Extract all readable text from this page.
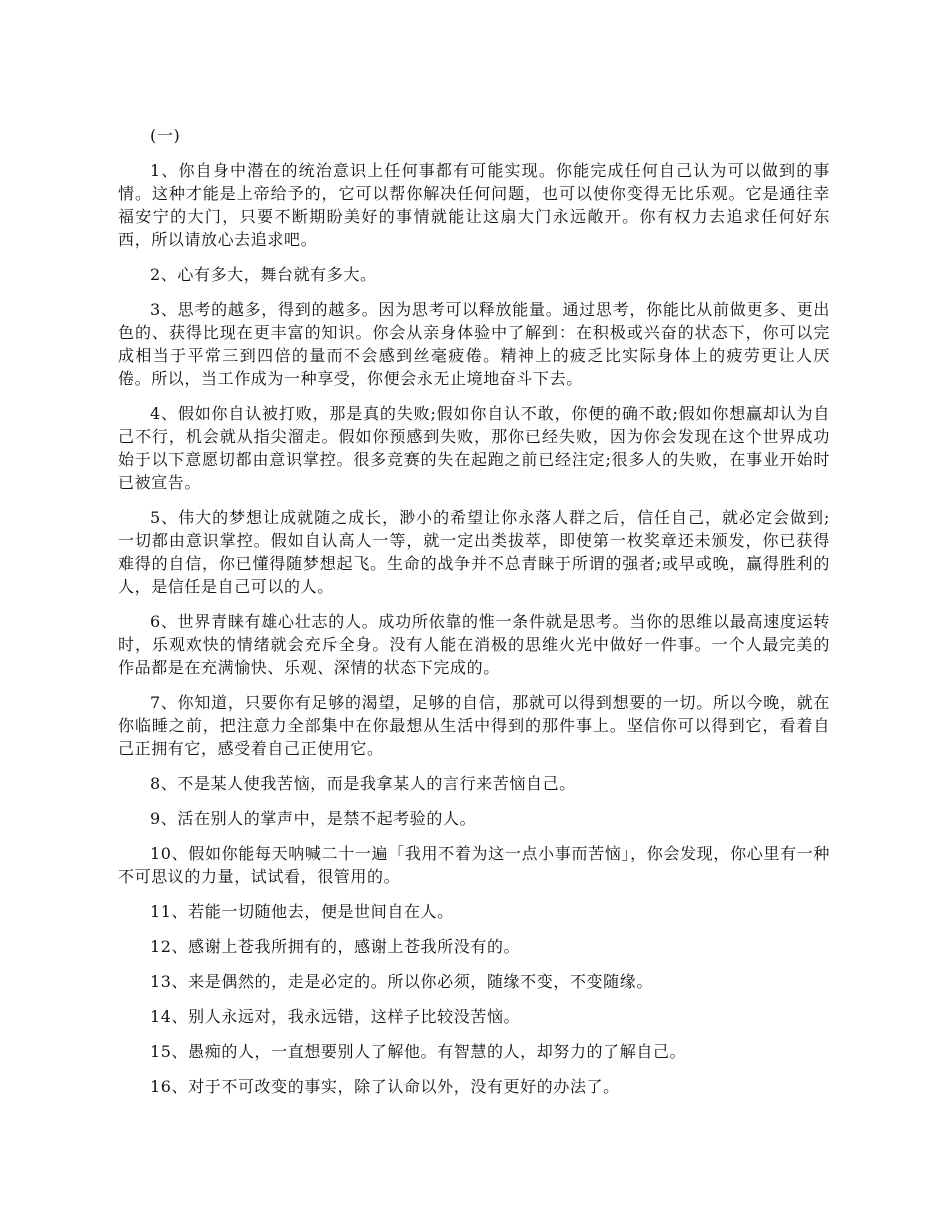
(一)

1、你自身中潜在的统治意识上任何事都有可能实现。你能完成任何自己认为可以做到的事情。这种才能是上帝给予的，它可以帮你解决任何问题，也可以使你变得无比乐观。它是通往幸福安宁的大门，只要不断期盼美好的事情就能让这扇大门永远敞开。你有权力去追求任何好东西，所以请放心去追求吧。

2、心有多大，舞台就有多大。

3、思考的越多，得到的越多。因为思考可以释放能量。通过思考，你能比从前做更多、更出色的、获得比现在更丰富的知识。你会从亲身体验中了解到：在积极或兴奋的状态下，你可以完成相当于平常三到四倍的量而不会感到丝毫疲倦。精神上的疲乏比实际身体上的疲劳更让人厌倦。所以，当工作成为一种享受，你便会永无止境地奋斗下去。

4、假如你自认被打败，那是真的失败;假如你自认不敢，你便的确不敢;假如你想赢却认为自己不行，机会就从指尖溜走。假如你预感到失败，那你已经失败，因为你会发现在这个世界成功始于以下意愿切都由意识掌控。很多竞赛的失在起跑之前已经注定;很多人的失败，在事业开始时已被宣告。

5、伟大的梦想让成就随之成长，渺小的希望让你永落人群之后，信任自己，就必定会做到;一切都由意识掌控。假如自认高人一等，就一定出类拔萃，即使第一枚奖章还未颁发，你已获得难得的自信，你已懂得随梦想起飞。生命的战争并不总青睐于所谓的强者;或早或晚，赢得胜利的人，是信任是自己可以的人。

6、世界青睐有雄心壮志的人。成功所依靠的惟一条件就是思考。当你的思维以最高速度运转时，乐观欢快的情绪就会充斥全身。没有人能在消极的思维火光中做好一件事。一个人最完美的作品都是在充满愉快、乐观、深情的状态下完成的。

7、你知道，只要你有足够的渴望，足够的自信，那就可以得到想要的一切。所以今晚，就在你临睡之前，把注意力全部集中在你最想从生活中得到的那件事上。坚信你可以得到它，看着自己正拥有它，感受着自己正使用它。

8、不是某人使我苦恼，而是我拿某人的言行来苦恼自己。

9、活在别人的掌声中，是禁不起考验的人。

10、假如你能每天呐喊二十一遍「我用不着为这一点小事而苦恼」，你会发现，你心里有一种不可思议的力量，试试看，很管用的。

11、若能一切随他去，便是世间自在人。

12、感谢上苍我所拥有的，感谢上苍我所没有的。

13、来是偶然的，走是必定的。所以你必须，随缘不变，不变随缘。

14、别人永远对，我永远错，这样子比较没苦恼。

15、愚痴的人，一直想要别人了解他。有智慧的人，却努力的了解自己。

16、对于不可改变的事实，除了认命以外，没有更好的办法了。
